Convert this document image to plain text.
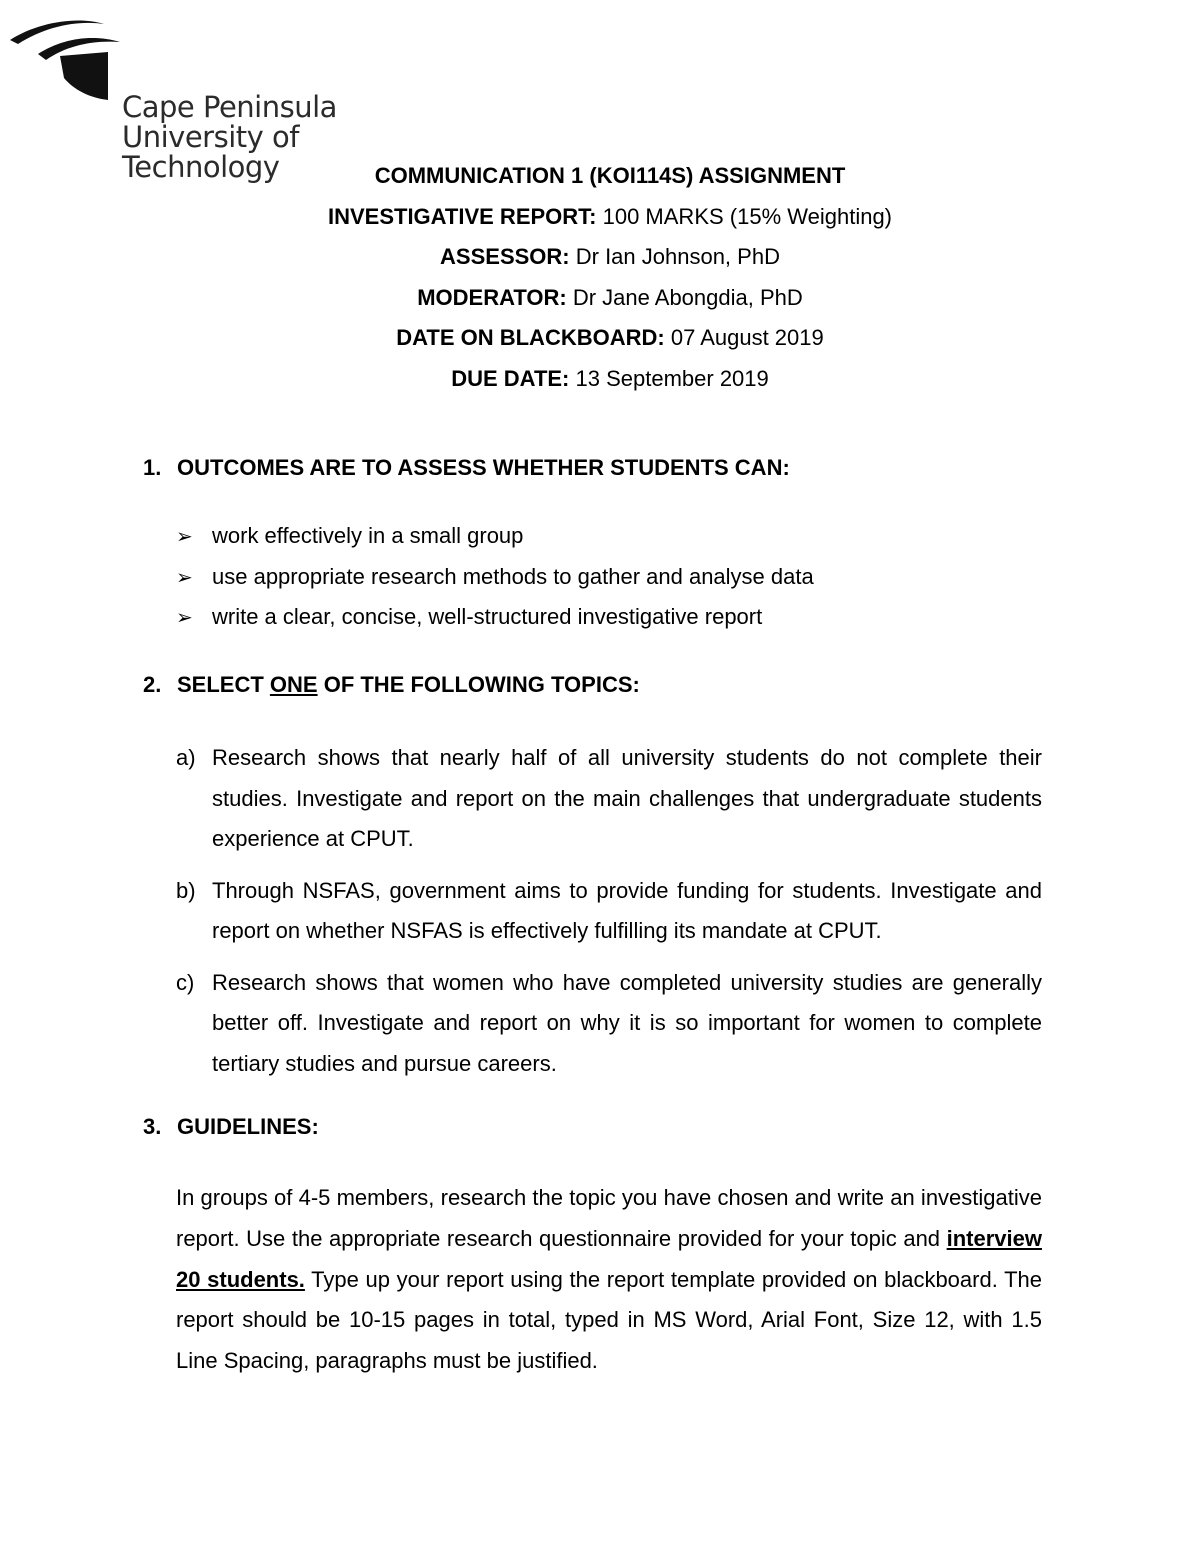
Cape Peninsula
University of Technology	COMMUNICATION 1 (KOI114S) ASSIGNMENT
INVESTIGATIVE REPORT: 100 MARKS (15% Weighting)
ASSESSOR: Dr Ian Johnson, PhD
MODERATOR: Dr Jane Abongdia, PhD
DATE ON BLACKBOARD: 07 August 2019
DUE DATE: 13 September 2019
1. OUTCOMES ARE TO ASSESS WHETHER STUDENTS CAN:
➢ work effectively in a small group
➢ use appropriate research methods to gather and analyse data
➢ write a clear, concise, well-structured investigative report
2. SELECT ONE OF THE FOLLOWING TOPICS:
a) Research shows that nearly half of all university students do not complete their studies. Investigate and report on the main challenges that undergraduate students experience at CPUT.
b) Through NSFAS, government aims to provide funding for students. Investigate and report on whether NSFAS is effectively fulfilling its mandate at CPUT.
c) Research shows that women who have completed university studies are generally better off. Investigate and report on why it is so important for women to complete tertiary studies and pursue careers.
3. GUIDELINES:
In groups of 4-5 members, research the topic you have chosen and write an investigative report. Use the appropriate research questionnaire provided for your topic and interview 20 students. Type up your report using the report template provided on blackboard. The report should be 10-15 pages in total, typed in MS Word, Arial Font, Size 12, with 1.5 Line Spacing, paragraphs must be justified.
